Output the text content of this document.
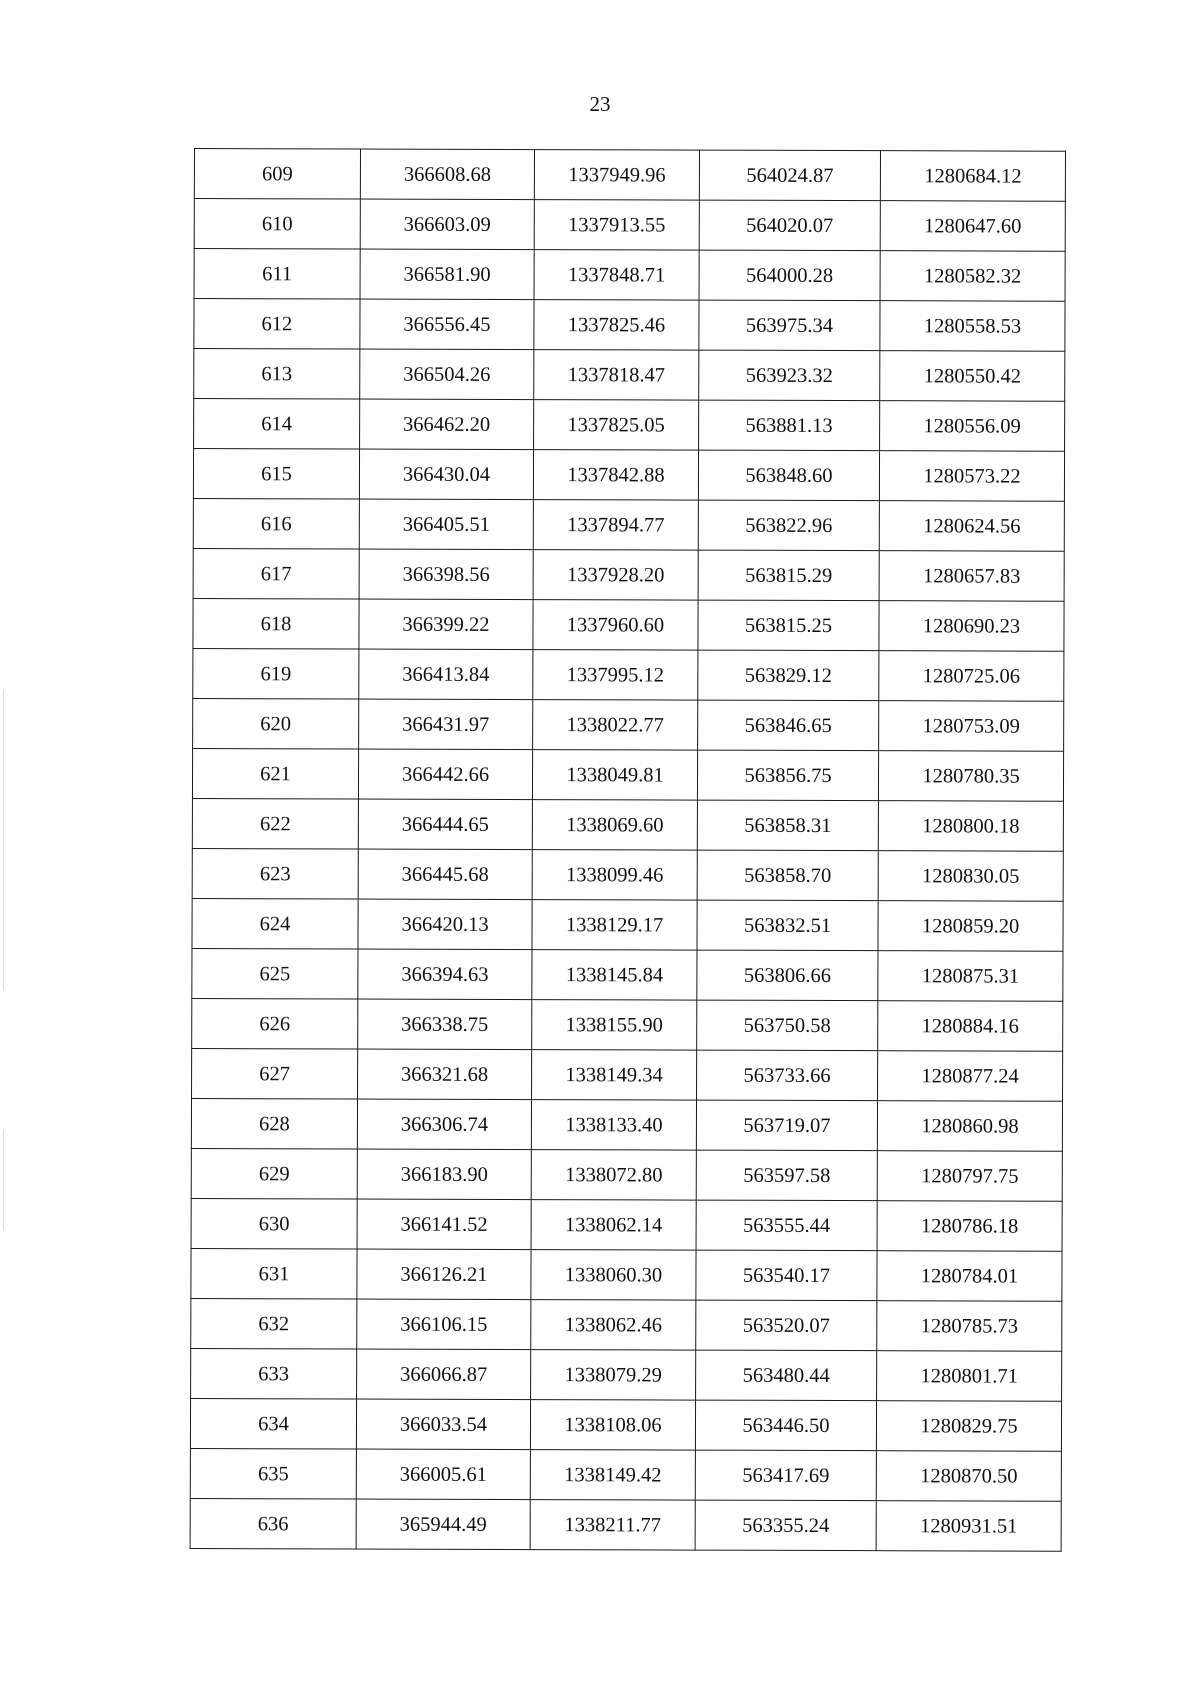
23
609	366608.68	1337949.96	564024.87	1280684.12
610	366603.09	1337913.55	564020.07	1280647.60
611	366581.90	1337848.71	564000.28	1280582.32
612	366556.45	1337825.46	563975.34	1280558.53
613	366504.26	1337818.47	563923.32	1280550.42
614	366462.20	1337825.05	563881.13	1280556.09
615	366430.04	1337842.88	563848.60	1280573.22
616	366405.51	1337894.77	563822.96	1280624.56
617	366398.56	1337928.20	563815.29	1280657.83
618	366399.22	1337960.60	563815.25	1280690.23
619	366413.84	1337995.12	563829.12	1280725.06
620	366431.97	1338022.77	563846.65	1280753.09
621	366442.66	1338049.81	563856.75	1280780.35
622	366444.65	1338069.60	563858.31	1280800.18
623	366445.68	1338099.46	563858.70	1280830.05
624	366420.13	1338129.17	563832.51	1280859.20
625	366394.63	1338145.84	563806.66	1280875.31
626	366338.75	1338155.90	563750.58	1280884.16
627	366321.68	1338149.34	563733.66	1280877.24
628	366306.74	1338133.40	563719.07	1280860.98
629	366183.90	1338072.80	563597.58	1280797.75
630	366141.52	1338062.14	563555.44	1280786.18
631	366126.21	1338060.30	563540.17	1280784.01
632	366106.15	1338062.46	563520.07	1280785.73
633	366066.87	1338079.29	563480.44	1280801.71
634	366033.54	1338108.06	563446.50	1280829.75
635	366005.61	1338149.42	563417.69	1280870.50
636	365944.49	1338211.77	563355.24	1280931.51
